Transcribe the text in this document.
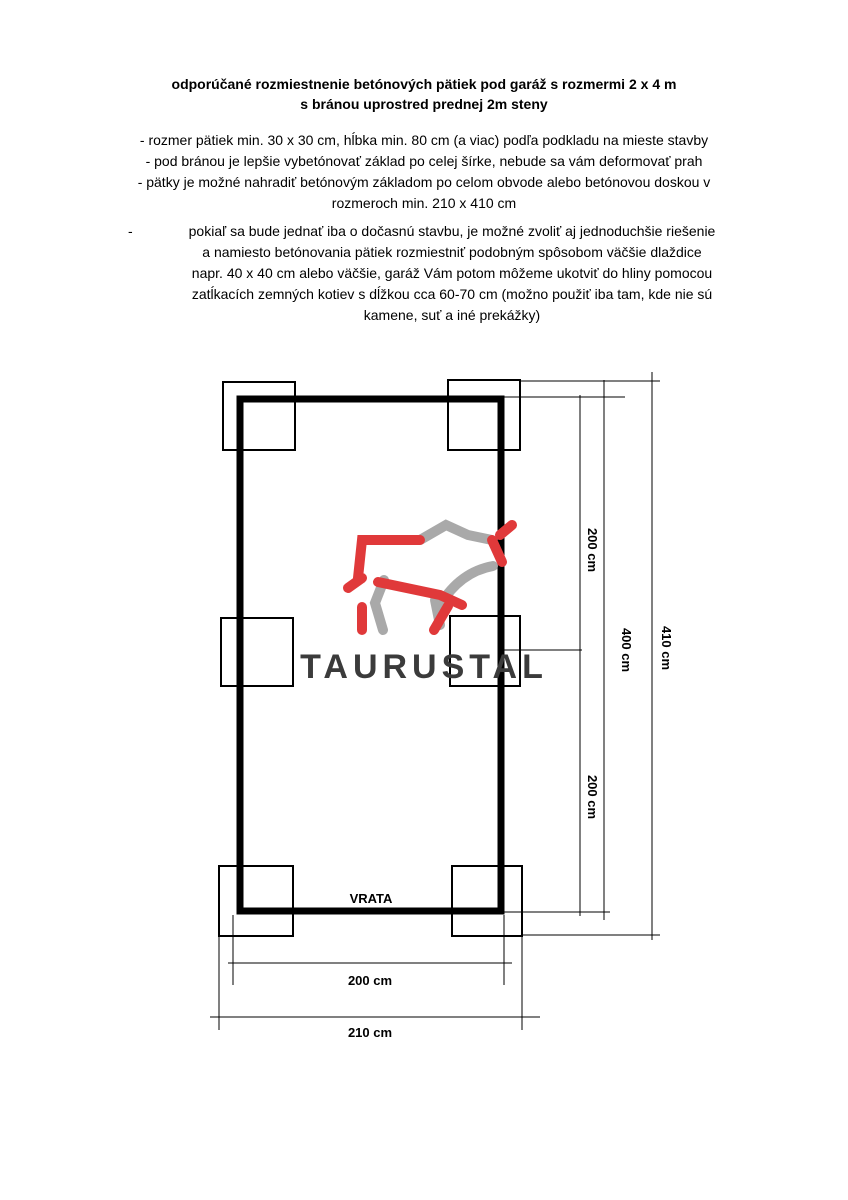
odporúčané rozmiestnenie betónových pätiek pod garáž s rozmermi 2 x 4 m
s bránou uprostred prednej 2m steny
- rozmer pätiek min. 30 x 30 cm, hĺbka min. 80 cm (a viac) podľa podkladu na mieste stavby
- pod bránou je lepšie vybetónovať základ po celej šírke, nebude sa vám deformovať prah
- pätky je možné nahradiť betónovým základom po celom obvode alebo betónovou doskou v
rozmeroch min. 210 x 410 cm
-	pokiaľ sa bude jednať iba o dočasnú stavbu, je možné zvoliť aj jednoduchšie riešenie
a namiesto betónovania pätiek rozmiestniť podobným spôsobom väčšie dlaždice
napr. 40 x 40 cm alebo väčšie, garáž Vám potom môžeme ukotviť do hliny pomocou
zatĺkacích zemných kotiev s dĺžkou cca 60-70 cm (možno použiť iba tam, kde nie sú
kamene, suť a iné prekážky)
TAURUSTAL
VRATA
200 cm
210 cm
200 cm
200 cm
400 cm 410 cm
